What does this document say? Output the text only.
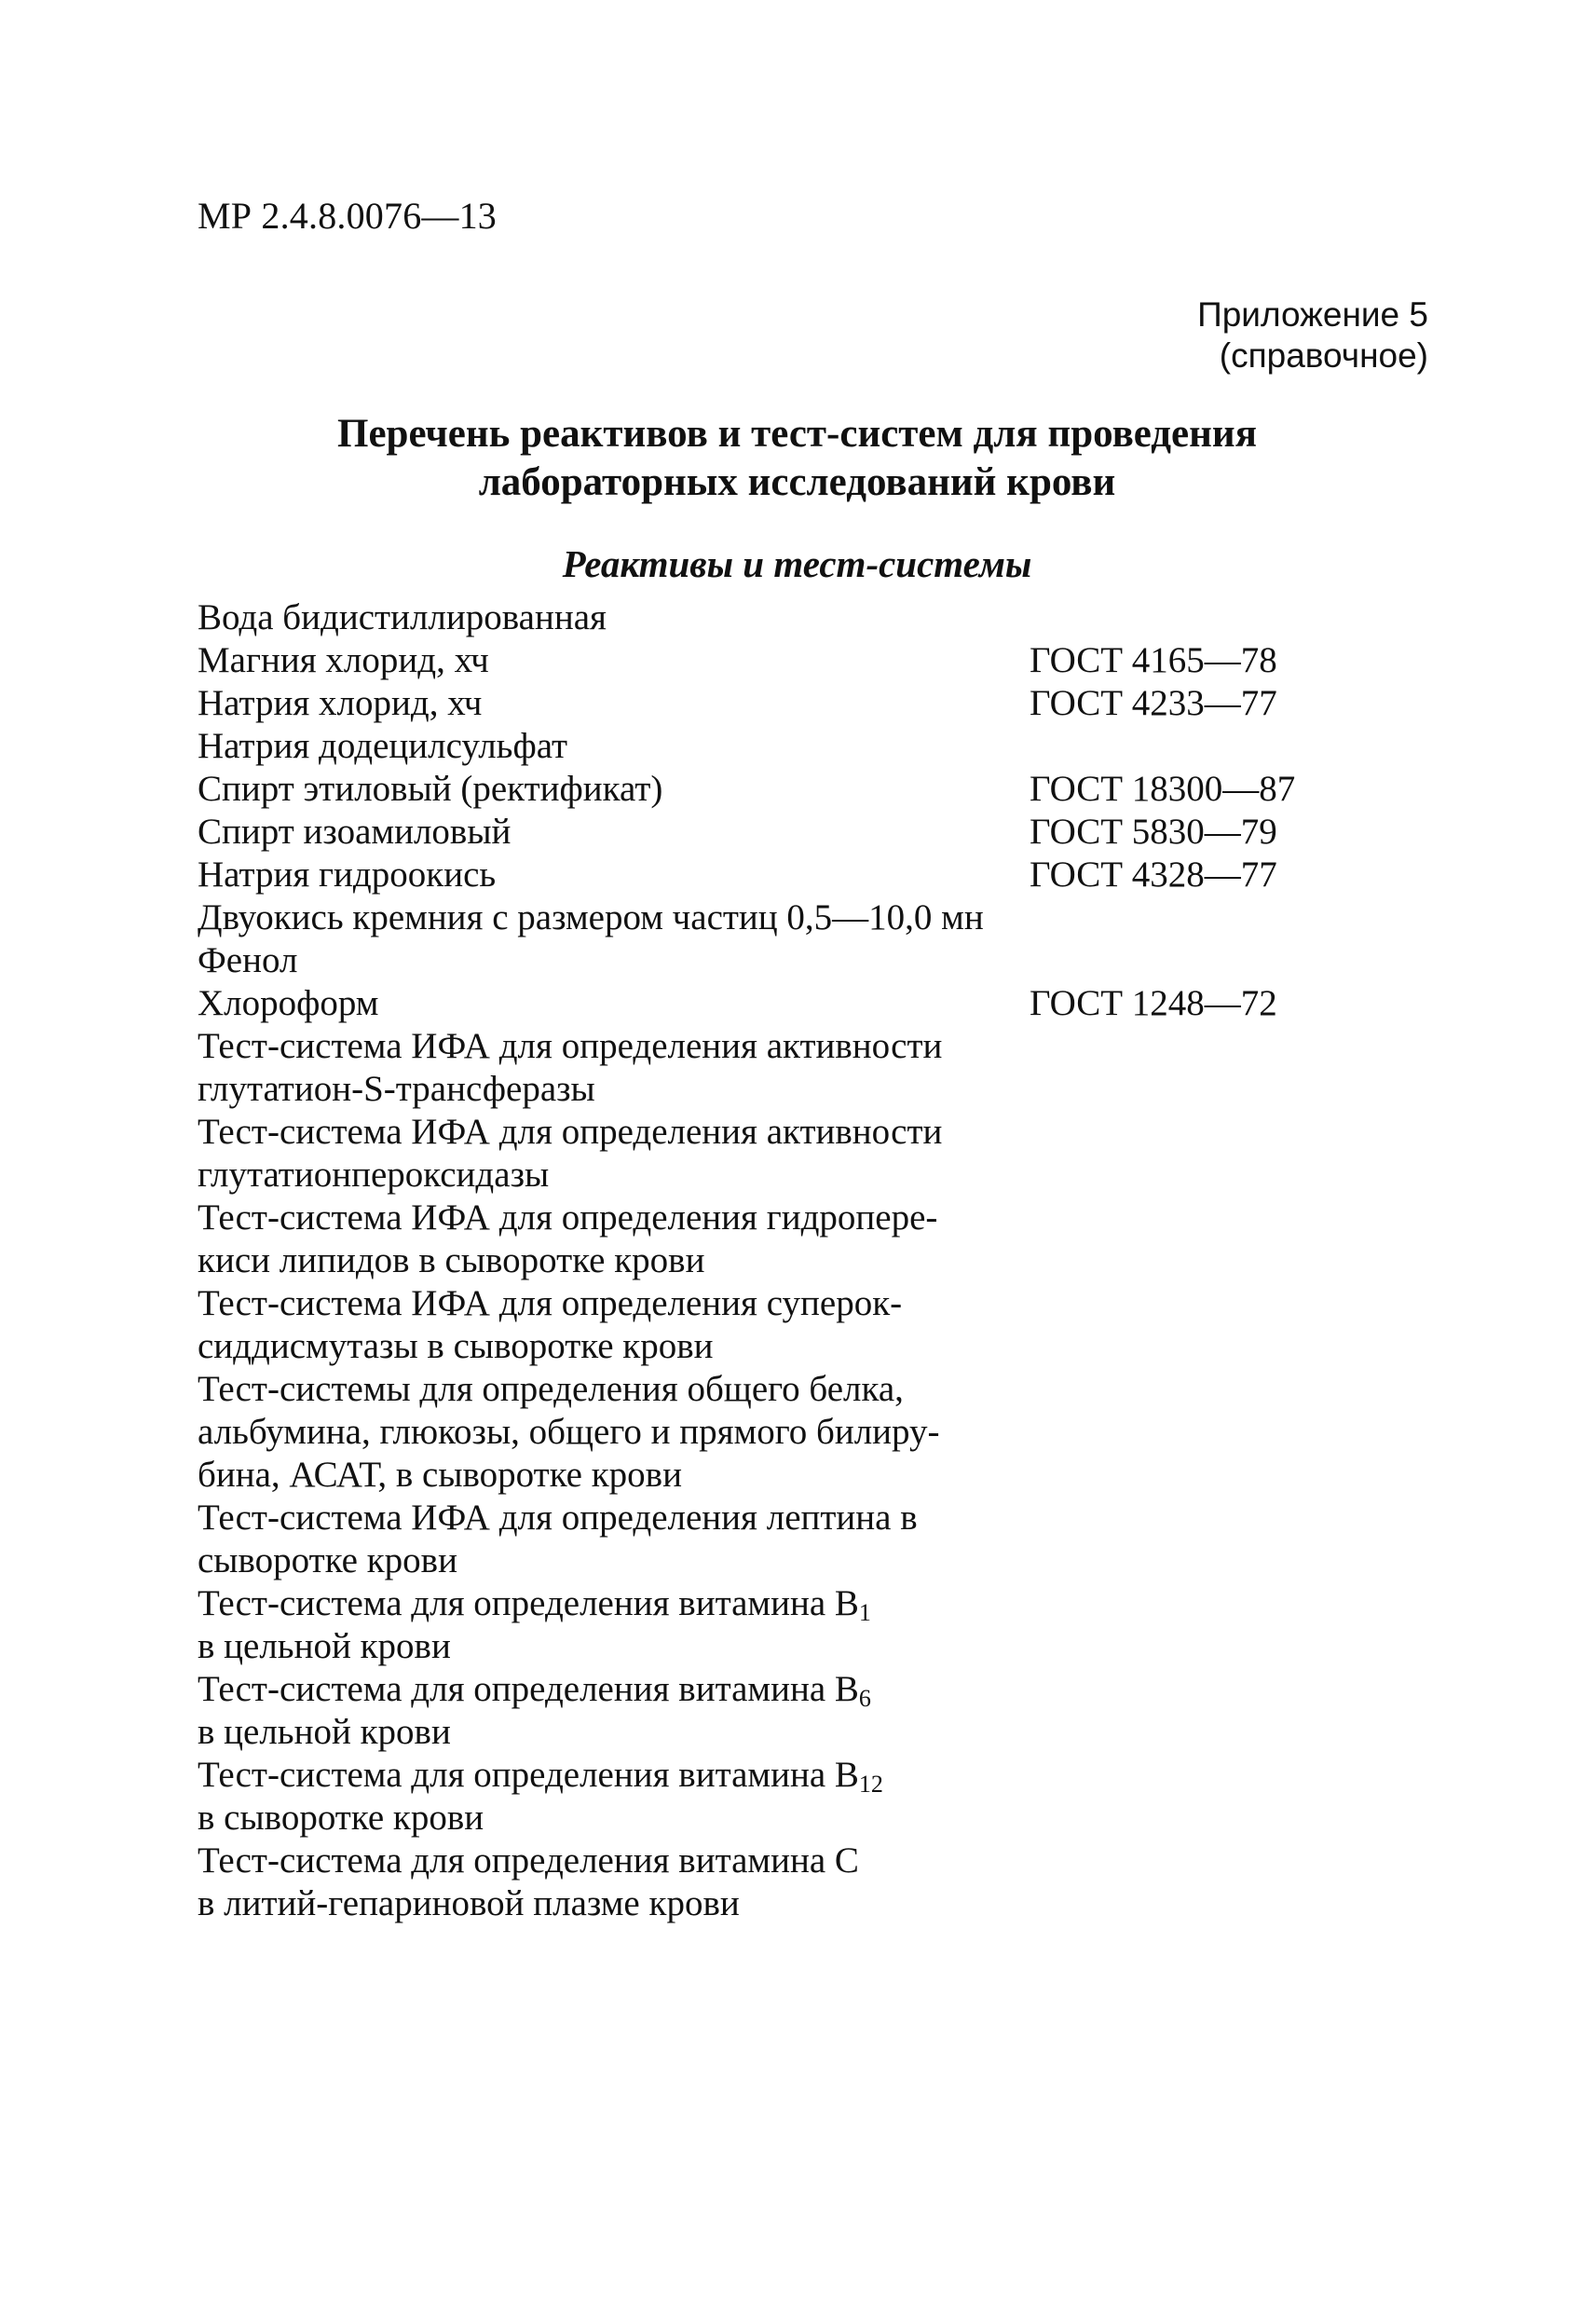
МР 2.4.8.0076—13
Приложение 5
(справочное)
Перечень реактивов и тест-систем для проведения
лабораторных исследований крови
Реактивы и тест-системы
Вода бидистиллированная
Магния хлорид, хч	ГОСТ 4165—78
Натрия хлорид, хч	ГОСТ 4233—77
Натрия додецилсульфат
Спирт этиловый (ректификат)	ГОСТ 18300—87
Спирт изоамиловый	ГОСТ 5830—79
Натрия гидроокись	ГОСТ 4328—77
Двуокись кремния с размером частиц 0,5—10,0 мн
Фенол
Хлороформ	ГОСТ 1248—72
Тест-система ИФА для определения активности
глутатион-S-трансферазы
Тест-система ИФА для определения активности
глутатионпероксидазы
Тест-система ИФА для определения гидропере-
киси липидов в сыворотке крови
Тест-система ИФА для определения суперок-
сиддисмутазы в сыворотке крови
Тест-системы для определения общего белка,
альбумина, глюкозы, общего и прямого билиру-
бина, АСАТ, в сыворотке крови
Тест-система ИФА для определения лептина в
сыворотке крови
Тест-система для определения витамина $B_1$
в цельной крови
Тест-система для определения витамина $B_6$
в цельной крови
Тест-система для определения витамина $B_{12}$
в сыворотке крови
Тест-система для определения витамина С
в литий-гепариновой плазме крови
